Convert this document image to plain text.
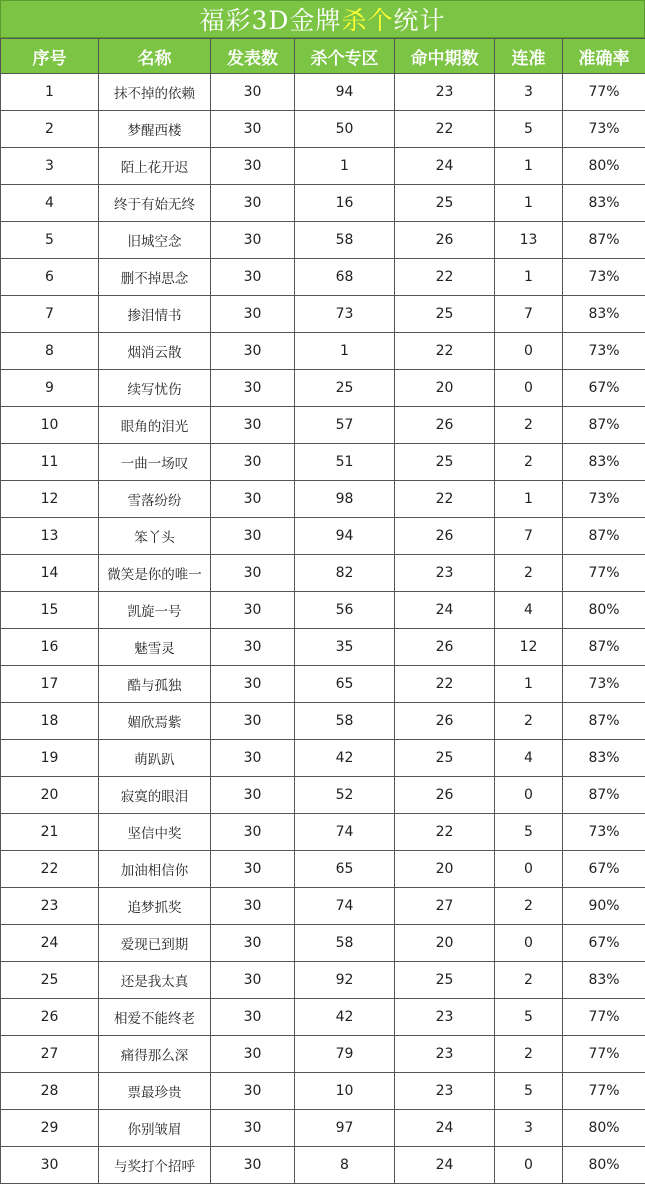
福彩3D金牌 杀个 统计
序号	名称	发表数	杀个专区	命中期数	连准	准确率
1	抹不掉的依赖	30	94	23	3	77%
2	梦醒西楼	30	50	22	5	73%
3	陌上花开迟	30	1	24	1	80%
4	终于有始无终	30	16	25	1	83%
5	旧城空念	30	58	26	13	87%
6	删不掉思念	30	68	22	1	73%
7	掺泪情书	30	73	25	7	83%
8	烟消云散	30	1	22	0	73%
9	续写忧伤	30	25	20	0	67%
10	眼角的泪光	30	57	26	2	87%
11	一曲一场叹	30	51	25	2	83%
12	雪落纷纷	30	98	22	1	73%
13	笨丫头	30	94	26	7	87%
14	微笑是你的唯一	30	82	23	2	77%
15	凯旋一号	30	56	24	4	80%
16	魅雪灵	30	35	26	12	87%
17	酷与孤独	30	65	22	1	73%
18	媚欣焉紫	30	58	26	2	87%
19	萌趴趴	30	42	25	4	83%
20	寂寞的眼泪	30	52	26	0	87%
21	坚信中奖	30	74	22	5	73%
22	加油相信你	30	65	20	0	67%
23	追梦抓奖	30	74	27	2	90%
24	爱现已到期	30	58	20	0	67%
25	还是我太真	30	92	25	2	83%
26	相爱不能终老	30	42	23	5	77%
27	痛得那么深	30	79	23	2	77%
28	票最珍贵	30	10	23	5	77%
29	你别皱眉	30	97	24	3	80%
30	与奖打个招呼	30	8	24	0	80%
